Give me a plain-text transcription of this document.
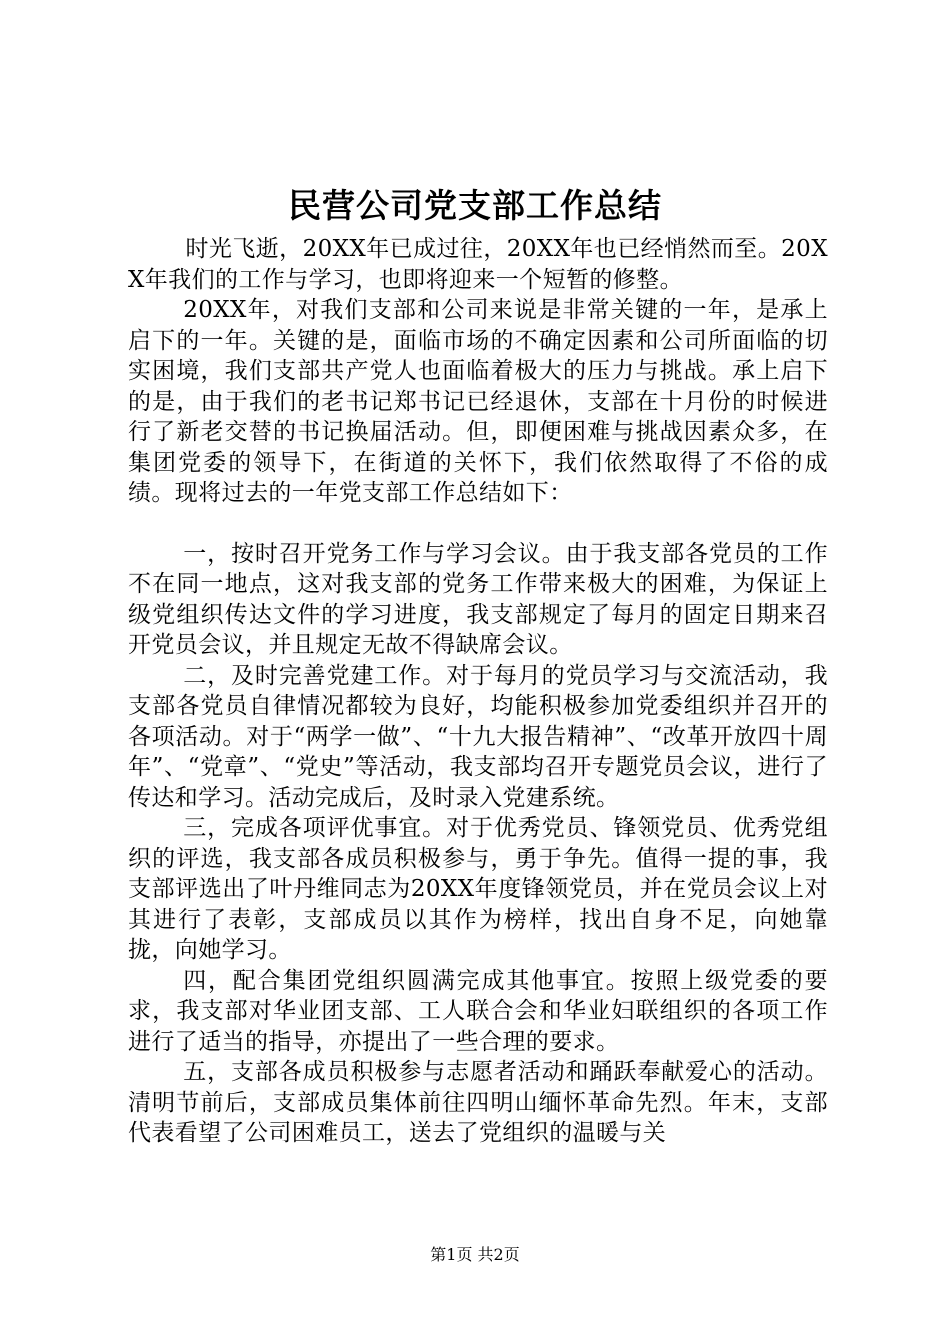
民营公司党支部工作总结

时光飞逝，20XX年已成过往，20XX年也已经悄然而至。20XX年我们的工作与学习，也即将迎来一个短暂的修整。

20XX年，对我们支部和公司来说是非常关键的一年，是承上启下的一年。关键的是，面临市场的不确定因素和公司所面临的切实困境，我们支部共产党人也面临着极大的压力与挑战。承上启下的是，由于我们的老书记郑书记已经退休，支部在十月份的时候进行了新老交替的书记换届活动。但，即便困难与挑战因素众多，在集团党委的领导下，在街道的关怀下，我们依然取得了不俗的成绩。现将过去的一年党支部工作总结如下：

一，按时召开党务工作与学习会议。由于我支部各党员的工作不在同一地点，这对我支部的党务工作带来极大的困难，为保证上级党组织传达文件的学习进度，我支部规定了每月的固定日期来召开党员会议，并且规定无故不得缺席会议。

二，及时完善党建工作。对于每月的党员学习与交流活动，我支部各党员自律情况都较为良好，均能积极参加党委组织并召开的各项活动。对于“两学一做”、“十九大报告精神”、“改革开放四十周年”、“党章”、“党史”等活动，我支部均召开专题党员会议，进行了传达和学习。活动完成后，及时录入党建系统。

三，完成各项评优事宜。对于优秀党员、锋领党员、优秀党组织的评选，我支部各成员积极参与，勇于争先。值得一提的事，我支部评选出了叶丹维同志为20XX年度锋领党员，并在党员会议上对其进行了表彰，支部成员以其作为榜样，找出自身不足，向她靠拢，向她学习。

四，配合集团党组织圆满完成其他事宜。按照上级党委的要求，我支部对华业团支部、工人联合会和华业妇联组织的各项工作进行了适当的指导，亦提出了一些合理的要求。

五，支部各成员积极参与志愿者活动和踊跃奉献爱心的活动。清明节前后，支部成员集体前往四明山缅怀革命先烈。年末，支部代表看望了公司困难员工，送去了党组织的温暖与关

第1页 共2页
